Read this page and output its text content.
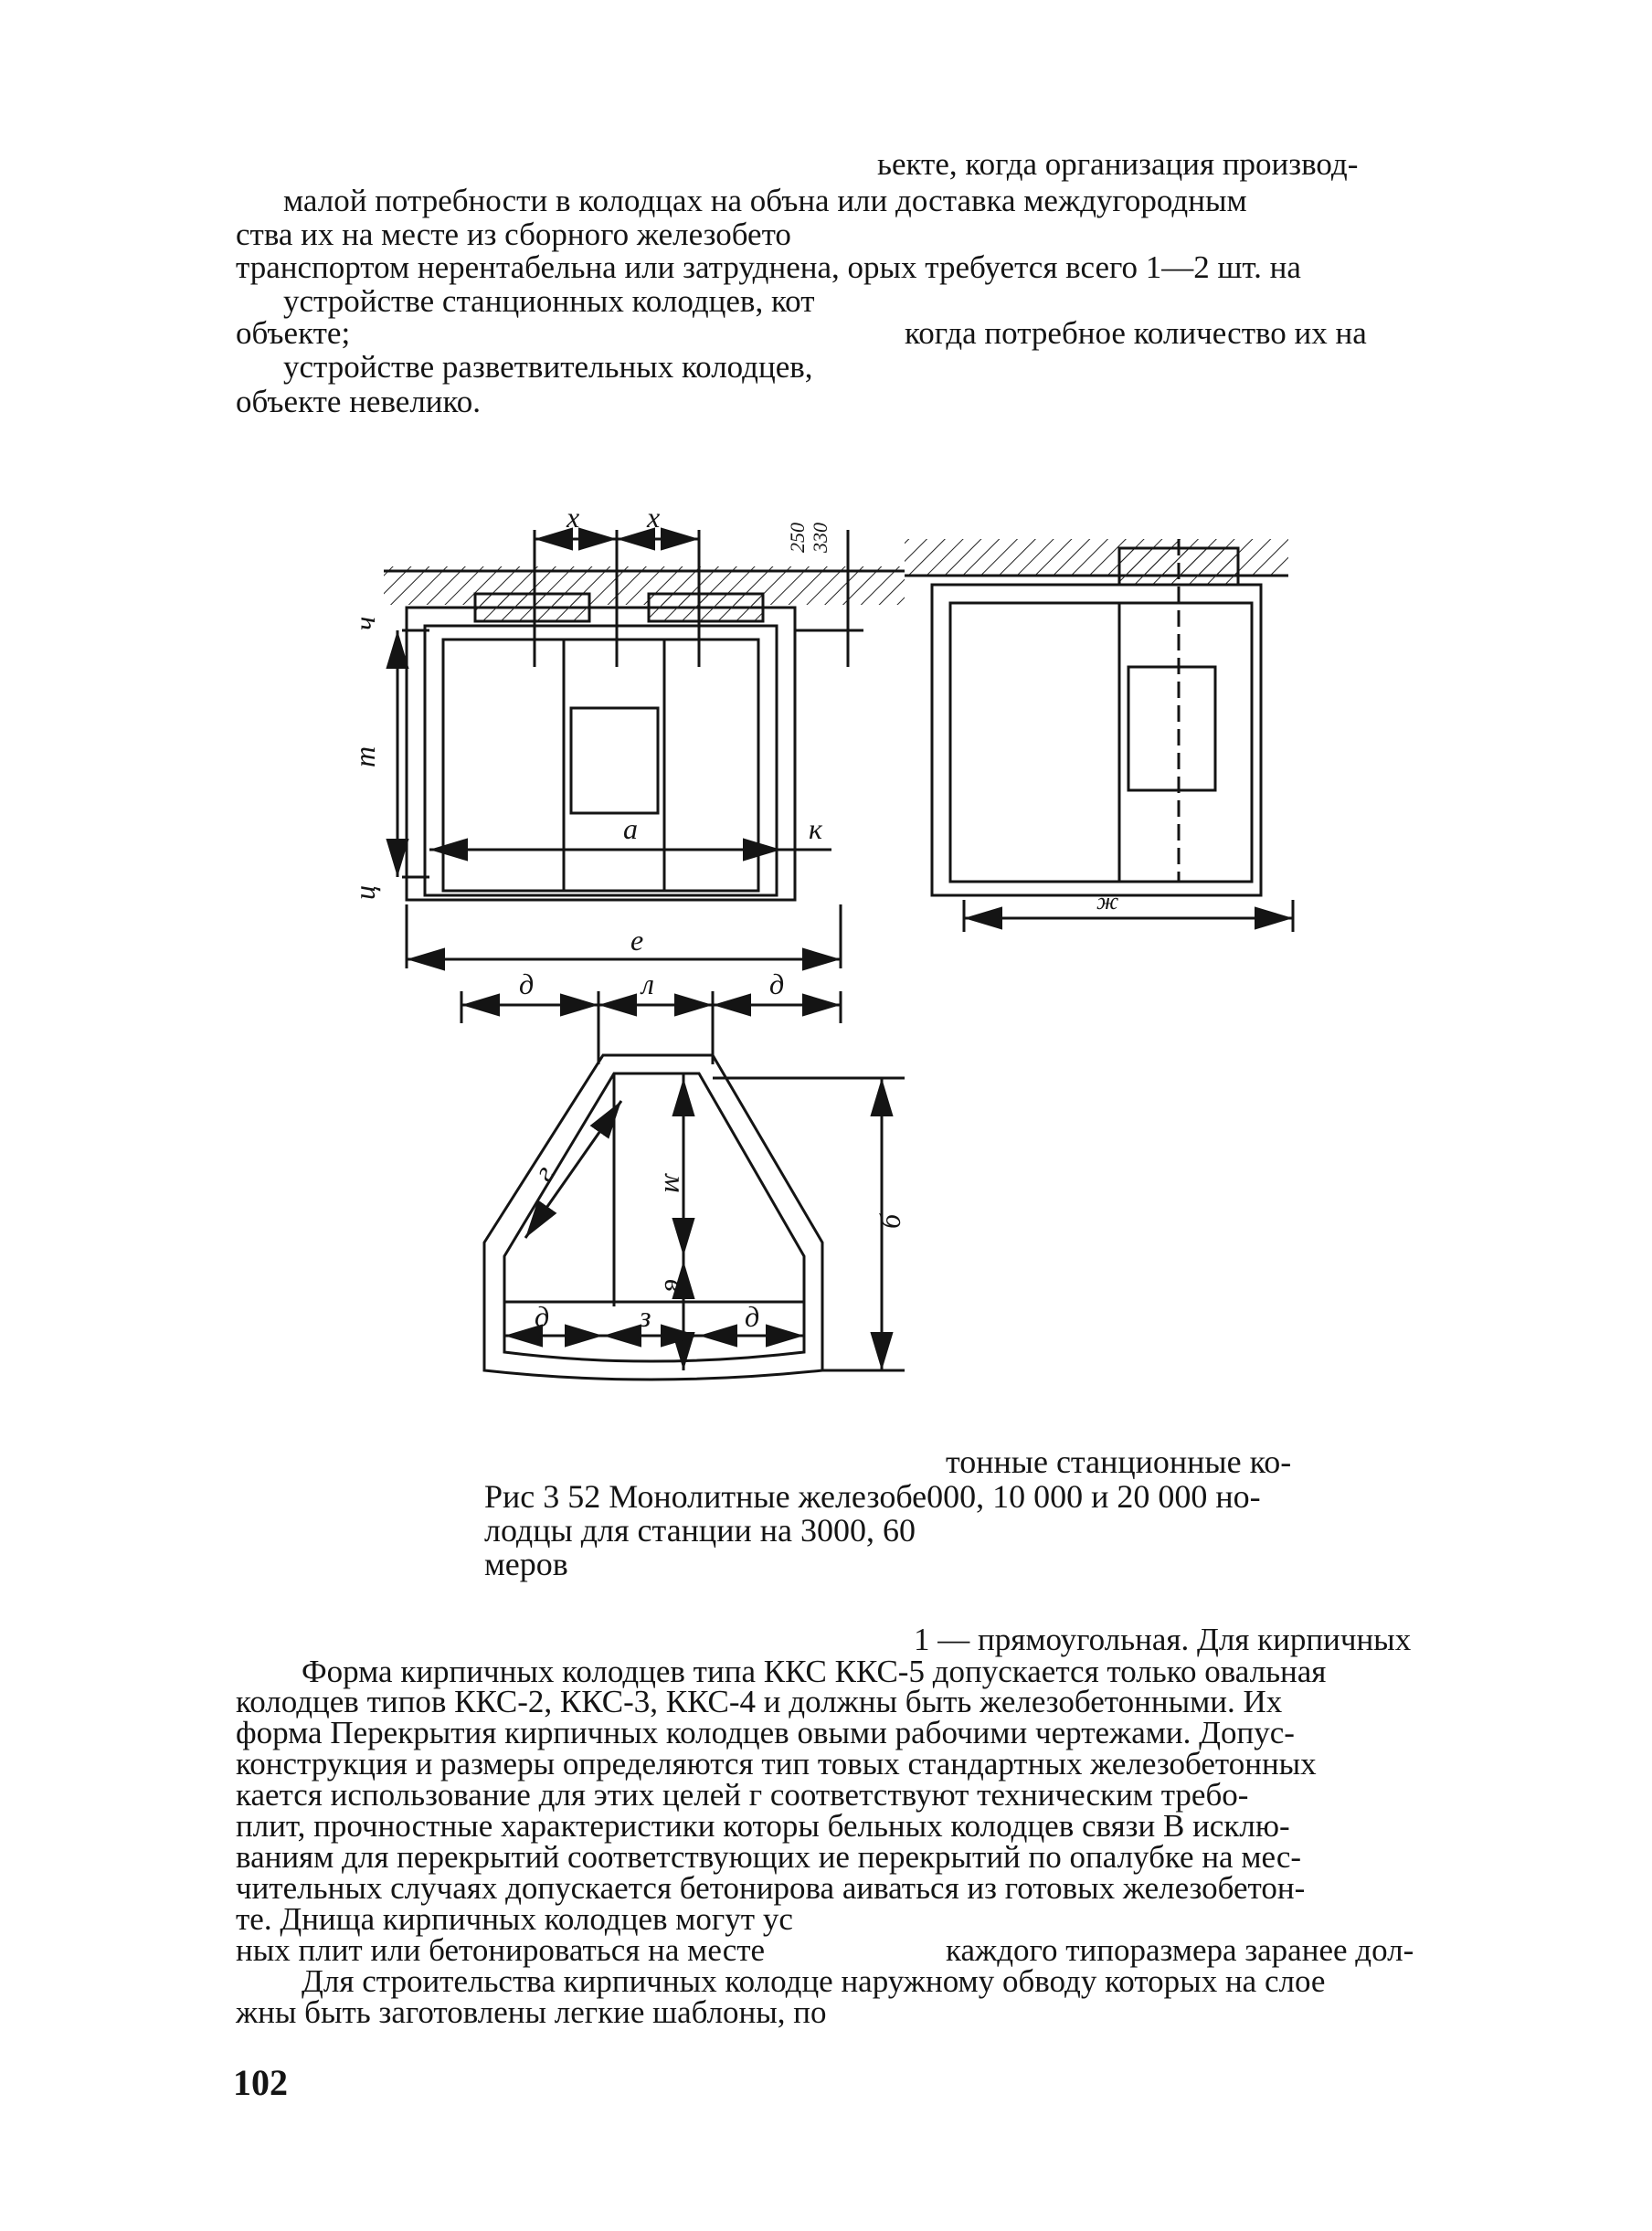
ьекте, когда организация производ-
малой потребности в колодцах на объна или доставка междугородным
ства их на месте из сборного железобето
транспортом нерентабельна или затруднена, орых требуется всего 1—2 шт. на
устройстве станционных колодцев, кот
объекте;	когда потребное количество их на
устройстве разветвительных колодцев,
объекте невелико.
x x
250 330
ч
т
ц
а	к
е
ж
д	л	д
г	м
б
в
д	з	д
тонные станционные ко-
Рис 3 52 Монолитные железобе000, 10 000 и 20 000 но-
лодцы для станции на 3000, 60
меров
1 — прямоугольная. Для кирпичных
Форма кирпичных колодцев типа ККС ККС-5 допускается только овальная
колодцев типов ККС-2, ККС-3, ККС-4 и должны быть железобетонными. Их
форма Перекрытия кирпичных колодцев овыми рабочими чертежами. Допус-
конструкция и размеры определяются тип товых стандартных железобетонных
кается использование для этих целей г соответствуют техническим требо-
плит, прочностные характеристики которы бельных колодцев связи В исклю-
ваниям для перекрытий соответствующих ие перекрытий по опалубке на мес-
чительных случаях допускается бетонирова аиваться из готовых железобетон-
те. Днища кирпичных колодцев могут ус
ных плит или бетонироваться на месте	каждого типоразмера заранее дол-
Для строительства кирпичных колодце наружному обводу которых на слое
жны быть заготовлены легкие шаблоны, по
102
